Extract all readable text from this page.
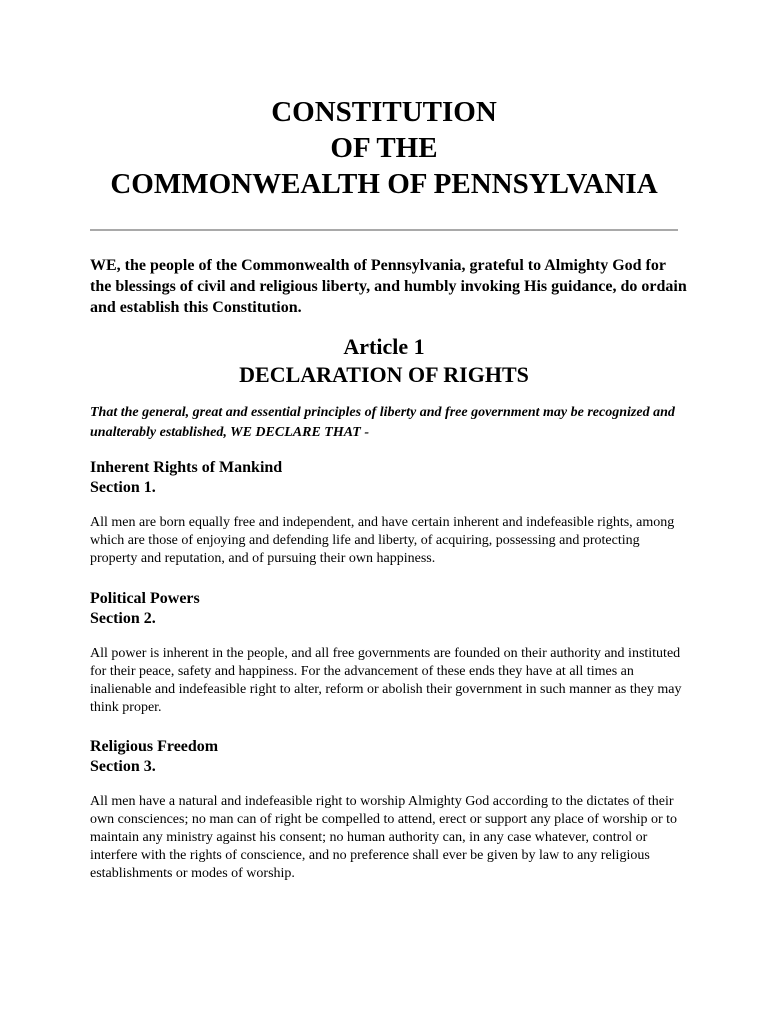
CONSTITUTION
OF THE
COMMONWEALTH OF PENNSYLVANIA

WE, the people of the Commonwealth of Pennsylvania, grateful to Almighty God for the blessings of civil and religious liberty, and humbly invoking His guidance, do ordain and establish this Constitution.

Article 1
DECLARATION OF RIGHTS

That the general, great and essential principles of liberty and free government may be recognized and unalterably established, WE DECLARE THAT -

Inherent Rights of Mankind
Section 1.
All men are born equally free and independent, and have certain inherent and indefeasible rights, among which are those of enjoying and defending life and liberty, of acquiring, possessing and protecting property and reputation, and of pursuing their own happiness.
Political Powers
Section 2.
All power is inherent in the people, and all free governments are founded on their authority and instituted for their peace, safety and happiness. For the advancement of these ends they have at all times an inalienable and indefeasible right to alter, reform or abolish their government in such manner as they may think proper.
Religious Freedom
Section 3.
All men have a natural and indefeasible right to worship Almighty God according to the dictates of their own consciences; no man can of right be compelled to attend, erect or support any place of worship or to maintain any ministry against his consent; no human authority can, in any case whatever, control or interfere with the rights of conscience, and no preference shall ever be given by law to any religious establishments or modes of worship.
